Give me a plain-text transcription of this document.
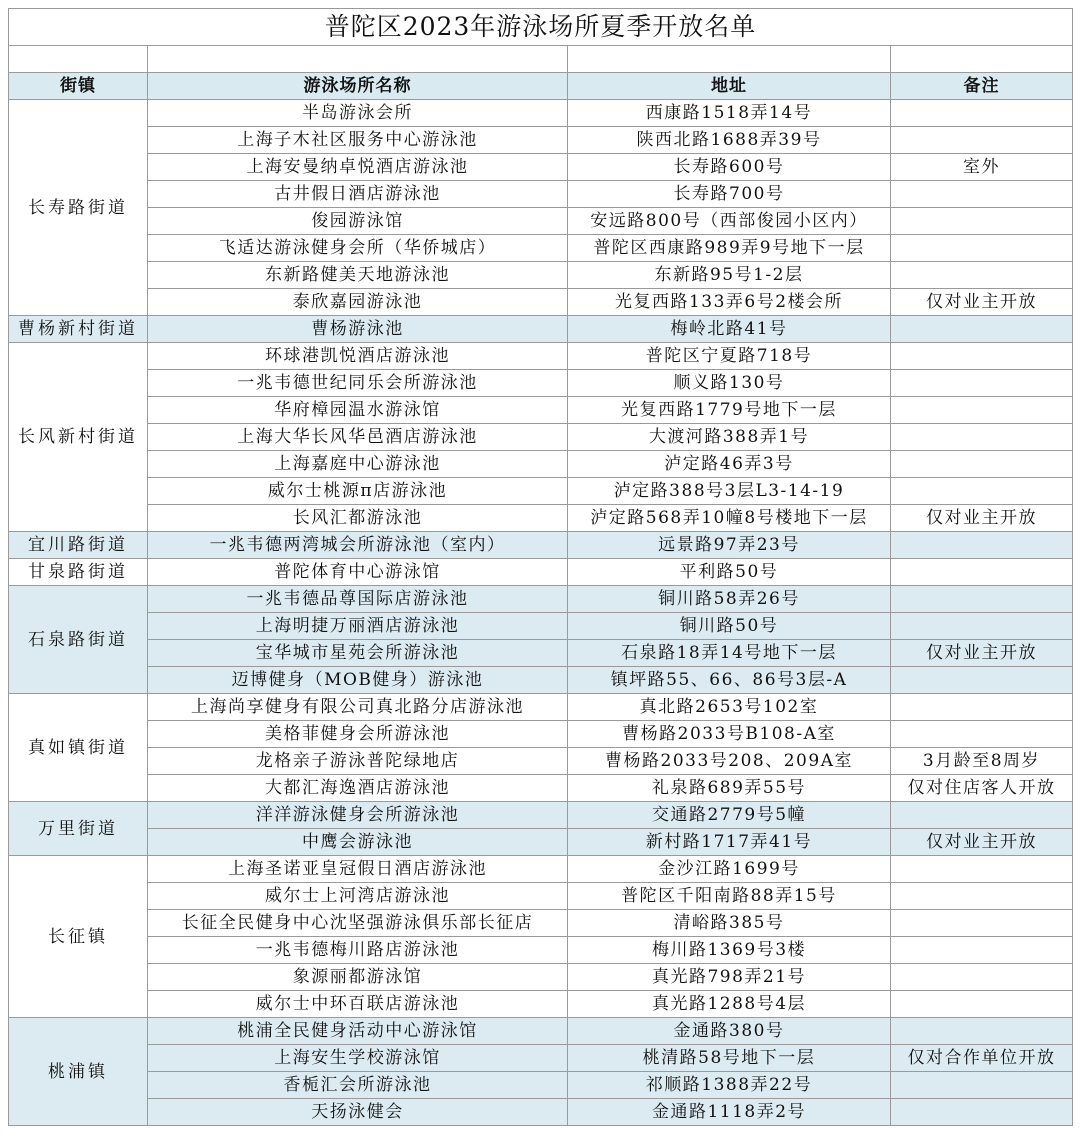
普陀区2023年游泳场所夏季开放名单			

街镇	游泳场所名称	地址	备注
长寿路街道	半岛游泳会所	西康路1518弄14号	
	上海子木社区服务中心游泳池	陕西北路1688弄39号	
	上海安曼纳卓悦酒店游泳池	长寿路600号	室外
	古井假日酒店游泳池	长寿路700号	
	俊园游泳馆	安远路800号（西部俊园小区内）	
	飞适达游泳健身会所（华侨城店）	普陀区西康路989弄9号地下一层	
	东新路健美天地游泳池	东新路95号1-2层	
	泰欣嘉园游泳池	光复西路133弄6号2楼会所	仅对业主开放
曹杨新村街道	曹杨游泳池	梅岭北路41号	
长风新村街道	环球港凯悦酒店游泳池	普陀区宁夏路718号	
	一兆韦德世纪同乐会所游泳池	顺义路130号	
	华府樟园温水游泳馆	光复西路1779号地下一层	
	上海大华长风华邑酒店游泳池	大渡河路388弄1号	
	上海嘉庭中心游泳池	泸定路46弄3号	
	威尔士桃源π店游泳池	泸定路388号3层L3-14-19	
	长风汇都游泳池	泸定路568弄10幢8号楼地下一层	仅对业主开放
宜川路街道	一兆韦德两湾城会所游泳池（室内）	远景路97弄23号	
甘泉路街道	普陀体育中心游泳馆	平利路50号	
石泉路街道	一兆韦德品尊国际店游泳池	铜川路58弄26号	
	上海明捷万丽酒店游泳池	铜川路50号	
	宝华城市星苑会所游泳池	石泉路18弄14号地下一层	仅对业主开放
	迈博健身（MOB健身）游泳池	镇坪路55、66、86号3层-A	
真如镇街道	上海尚享健身有限公司真北路分店游泳池	真北路2653号102室	
	美格菲健身会所游泳池	曹杨路2033号B108-A室	
	龙格亲子游泳普陀绿地店	曹杨路2033号208、209A室	3月龄至8周岁
	大都汇海逸酒店游泳池	礼泉路689弄55号	仅对住店客人开放
万里街道	洋洋游泳健身会所游泳池	交通路2779号5幢	
	中鹰会游泳池	新村路1717弄41号	仅对业主开放
长征镇	上海圣诺亚皇冠假日酒店游泳池	金沙江路1699号	
	威尔士上河湾店游泳池	普陀区千阳南路88弄15号	
	长征全民健身中心沈坚强游泳俱乐部长征店	清峪路385号	
	一兆韦德梅川路店游泳池	梅川路1369号3楼	
	象源丽都游泳馆	真光路798弄21号	
	威尔士中环百联店游泳池	真光路1288号4层	
桃浦镇	桃浦全民健身活动中心游泳馆	金通路380号	
	上海安生学校游泳馆	桃清路58号地下一层	仅对合作单位开放
	香栀汇会所游泳池	祁顺路1388弄22号	
	天扬泳健会	金通路1118弄2号	
